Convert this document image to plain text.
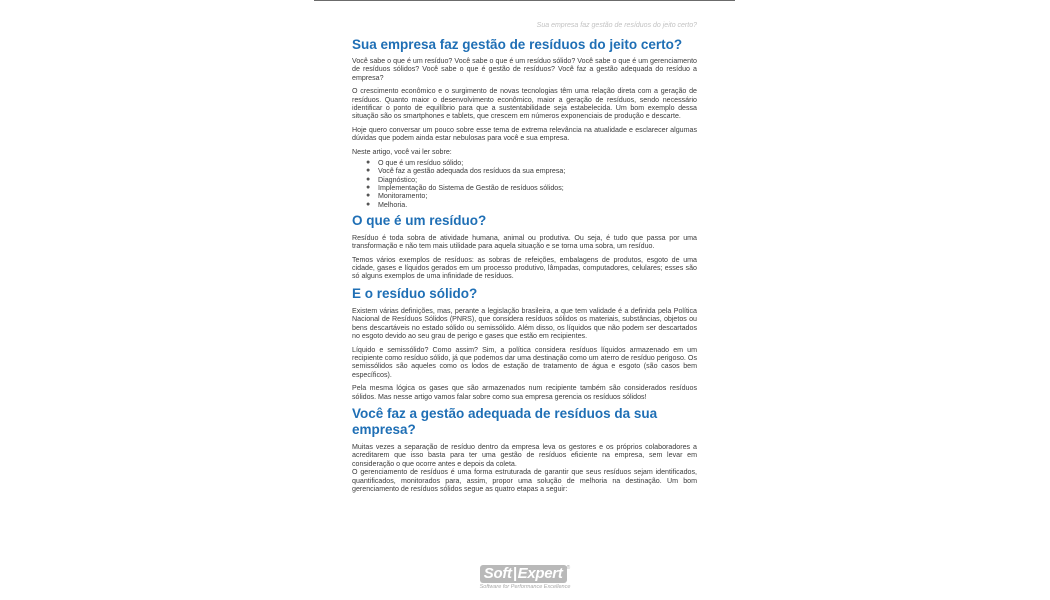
Sua empresa faz gestão de resíduos do jeito certo?
Sua empresa faz gestão de resíduos do jeito certo?

Você sabe o que é um resíduo? Você sabe o que é um resíduo sólido? Você sabe o que é um gerenciamento de resíduos sólidos? Você sabe o que é gestão de resíduos? Você faz a gestão adequada do resíduo a empresa?

O crescimento econômico e o surgimento de novas tecnologias têm uma relação direta com a geração de resíduos. Quanto maior o desenvolvimento econômico, maior a geração de resíduos, sendo necessário identificar o ponto de equilíbrio para que a sustentabilidade seja estabelecida. Um bom exemplo dessa situação são os smartphones e tablets, que crescem em números exponenciais de produção e descarte.

Hoje quero conversar um pouco sobre esse tema de extrema relevância na atualidade e esclarecer algumas dúvidas que podem ainda estar nebulosas para você e sua empresa.

Neste artigo, você vai ler sobre:

● O que é um resíduo sólido;
● Você faz a gestão adequada dos resíduos da sua empresa;
● Diagnóstico;
● Implementação do Sistema de Gestão de resíduos sólidos;
● Monitoramento;
● Melhoria.
O que é um resíduo?

Resíduo é toda sobra de atividade humana, animal ou produtiva. Ou seja, é tudo que passa por uma transformação e não tem mais utilidade para aquela situação e se torna uma sobra, um resíduo.

Temos vários exemplos de resíduos: as sobras de refeições, embalagens de produtos, esgoto de uma cidade, gases e líquidos gerados em um processo produtivo, lâmpadas, computadores, celulares; esses são só alguns exemplos de uma infinidade de resíduos.

E o resíduo sólido?

Existem várias definições, mas, perante a legislação brasileira, a que tem validade é a definida pela Política Nacional de Resíduos Sólidos (PNRS), que considera resíduos sólidos os materiais, substâncias, objetos ou bens descartáveis no estado sólido ou semissólido. Além disso, os líquidos que não podem ser descartados no esgoto devido ao seu grau de perigo e gases que estão em recipientes.

Líquido e semissólido? Como assim? Sim, a política considera resíduos líquidos armazenado em um recipiente como resíduo sólido, já que podemos dar uma destinação como um aterro de resíduo perigoso. Os semissólidos são aqueles como os lodos de estação de tratamento de água e esgoto (são casos bem específicos).

Pela mesma lógica os gases que são armazenados num recipiente também são considerados resíduos sólidos. Mas nesse artigo vamos falar sobre como sua empresa gerencia os resíduos sólidos!

Você faz a gestão adequada de resíduos da sua empresa?

Muitas vezes a separação de resíduo dentro da empresa leva os gestores e os próprios colaboradores a acreditarem que isso basta para ter uma gestão de resíduos eficiente na empresa, sem levar em consideração o que ocorre antes e depois da coleta.

O gerenciamento de resíduos é uma forma estruturada de garantir que seus resíduos sejam identificados, quantificados, monitorados para, assim, propor uma solução de melhoria na destinação. Um bom gerenciamento de resíduos sólidos segue as quatro etapas a seguir:

Soft|Expert ®
Software for Performance Excellence
